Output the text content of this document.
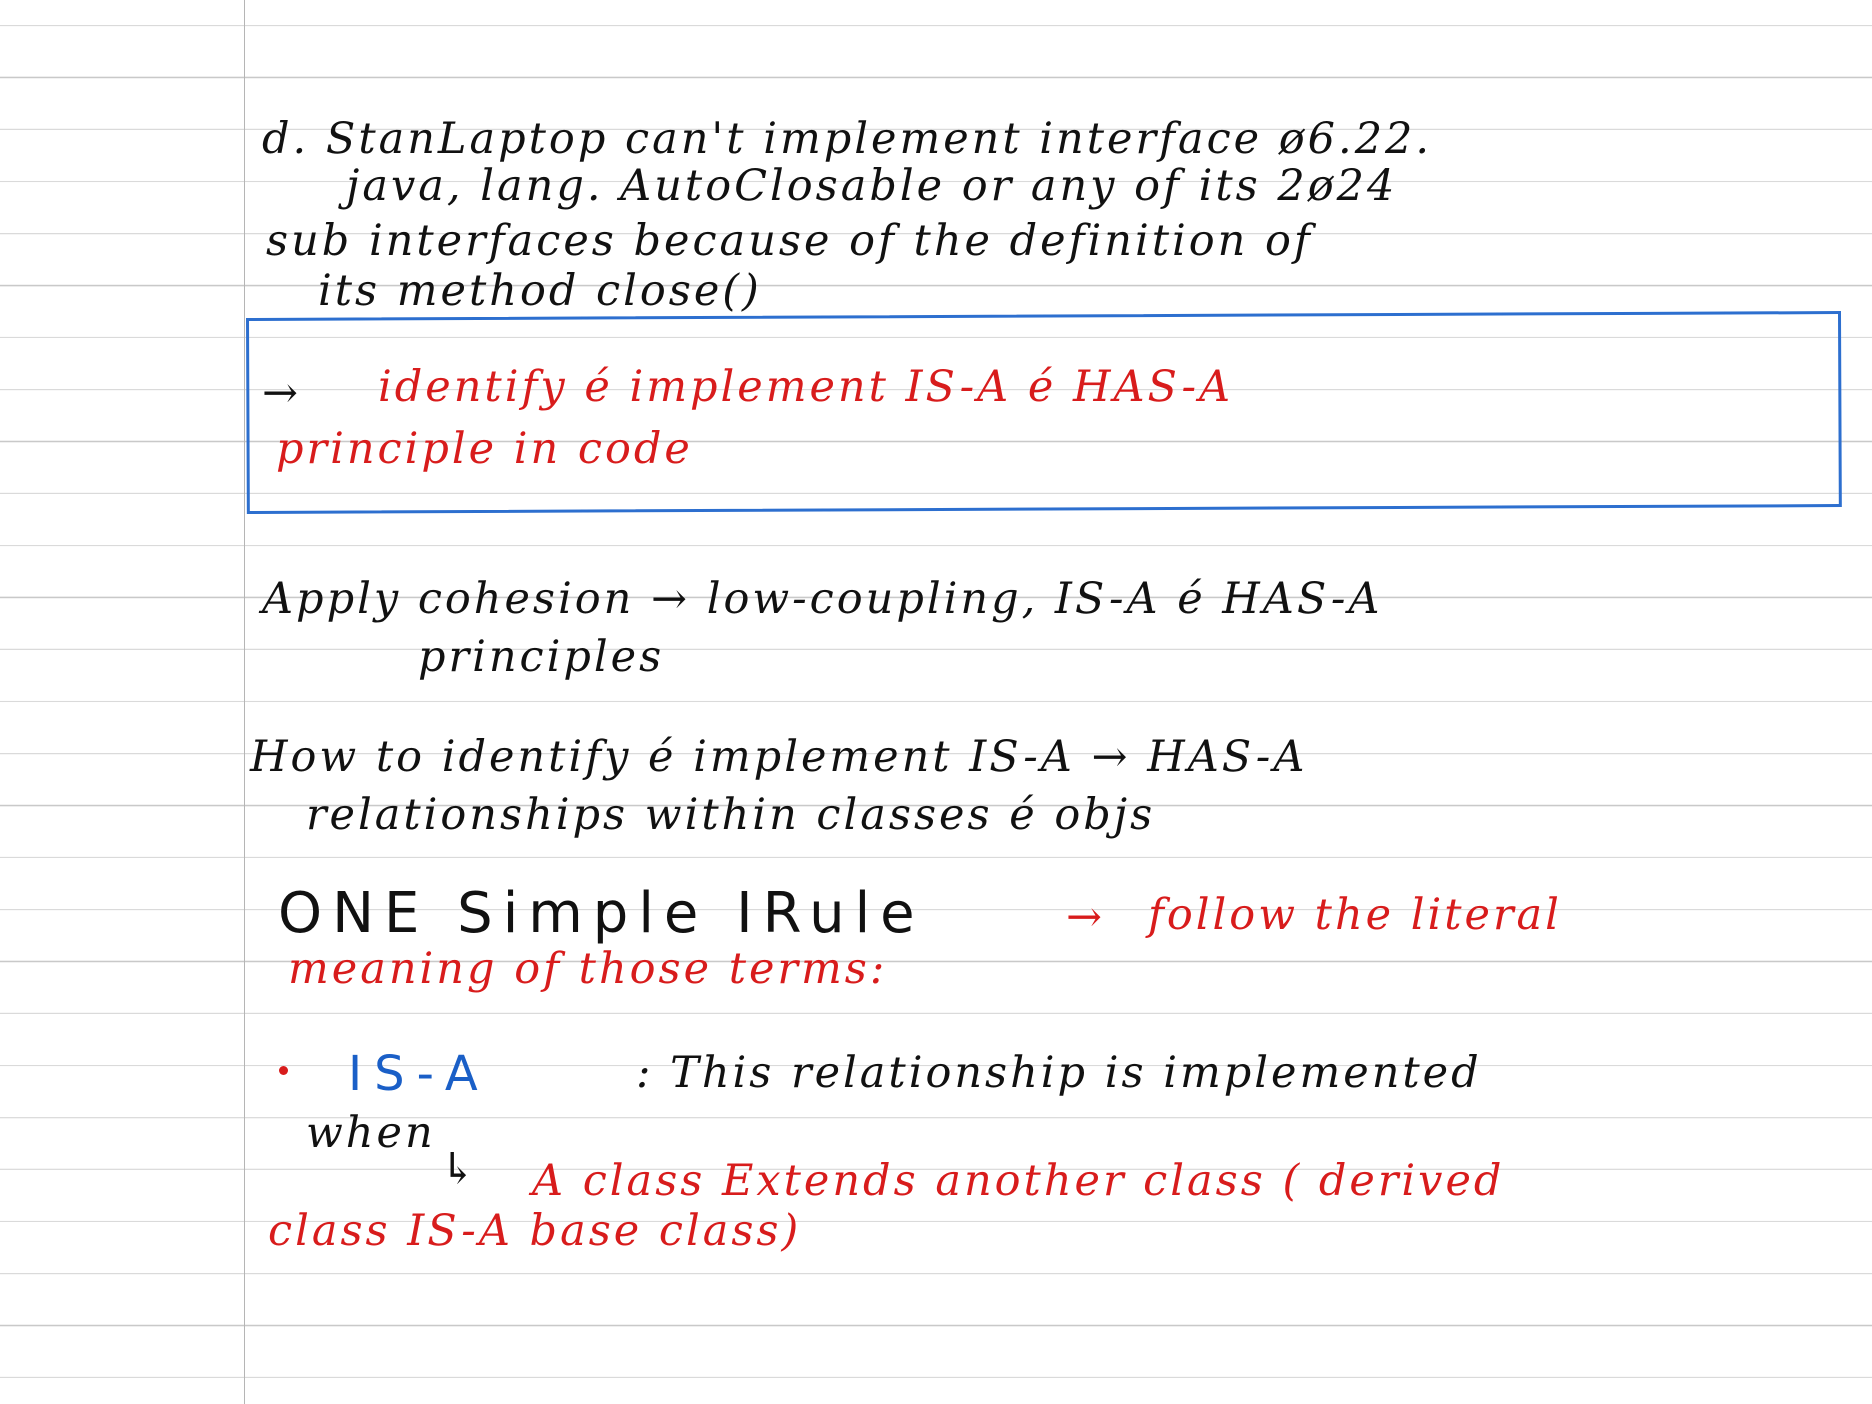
d. StanLaptop can't implement interface ø6.22.
java, lang. AutoClosable or any of its 2ø24
sub interfaces because of the definition of
its method close()
→ identify é implement IS-A é HAS-A
principle in code
Apply cohesion → low-coupling, IS-A é HAS-A
principles
How to identify é implement IS-A → HAS-A
relationships within classes é objs
ONE Simple IRule	→ follow the literal
meaning of those terms:
IS-A	: This relationship is implemented
when
↳ A class Extends another class ( derived
class IS-A base class)
